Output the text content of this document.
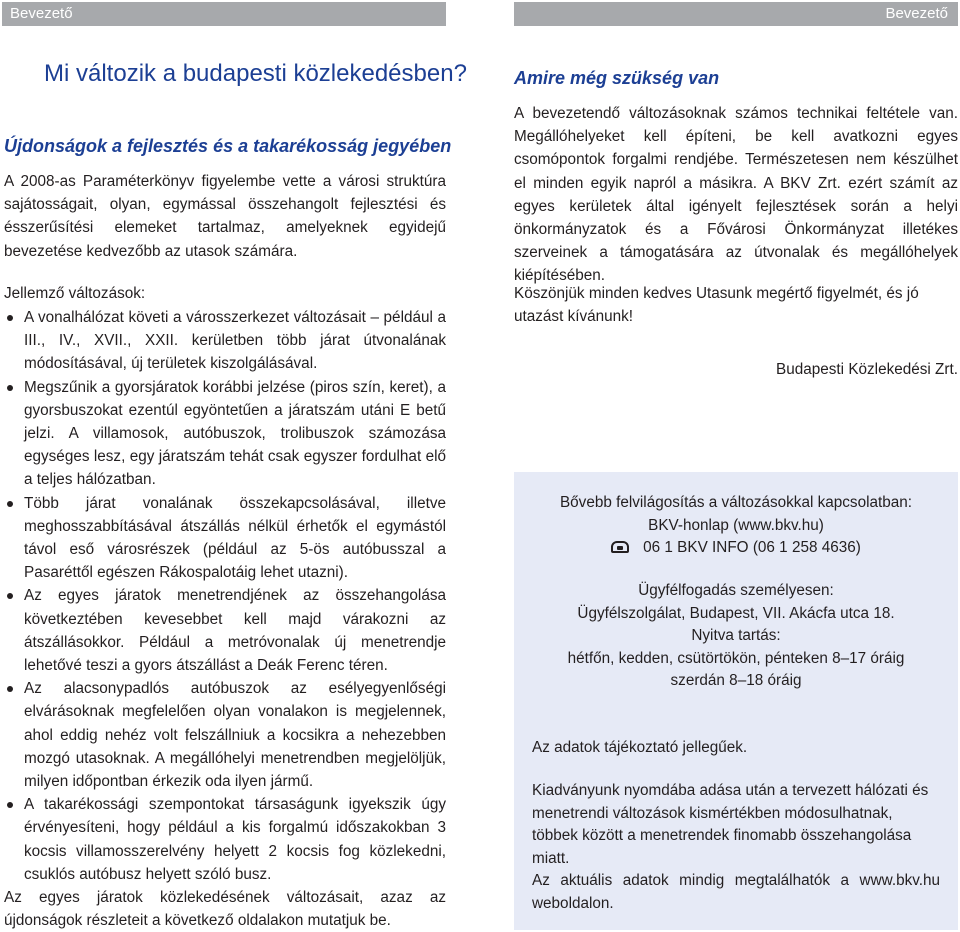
Bevezető	Bevezető
Mi változik a budapesti közlekedésben?
Újdonságok a fejlesztés és a takarékosság jegyében

A 2008-as Paraméterkönyv figyelembe vette a városi struktúra sajátosságait, olyan, egymással összehangolt fejlesztési és ésszerűsítési elemeket tartalmaz, amelyeknek egyidejű bevezetése kedvezőbb az utasok számára.

Jellemző változások:

A vonalhálózat követi a városszerkezet változásait – például a III., IV., XVII., XXII. kerületben több járat útvonalának módosításával, új területek kiszolgálásával.
Megszűnik a gyorsjáratok korábbi jelzése (piros szín, keret), a gyorsbuszokat ezentúl egyöntetűen a járatszám utáni E betű jelzi. A villamosok, autóbuszok, trolibuszok számozása egységes lesz, egy járatszám tehát csak egyszer fordulhat elő a teljes hálózatban.
Több járat vonalának összekapcsolásával, illetve meghosszabbításával átszállás nélkül érhetők el egymástól távol eső városrészek (például az 5-ös autóbusszal a Pasaréttől egészen Rákospalotáig lehet utazni).
Az egyes járatok menetrendjének az összehangolása következtében kevesebbet kell majd várakozni az átszállásokkor. Például a metróvonalak új menetrendje lehetővé teszi a gyors átszállást a Deák Ferenc téren.
Az alacsonypadlós autóbuszok az esélyegyenlőségi elvárásoknak megfelelően olyan vonalakon is megjelennek, ahol eddig nehéz volt felszállniuk a kocsikra a nehezebben mozgó utasoknak. A megállóhelyi menetrendben megjelöljük, milyen időpontban érkezik oda ilyen jármű.
A takarékossági szempontokat társaságunk igyekszik úgy érvényesíteni, hogy például a kis forgalmú időszakokban 3 kocsis villamosszerelvény helyett 2 kocsis fog közlekedni, csuklós autóbusz helyett szóló busz.

Az egyes járatok közlekedésének változásait, azaz az újdonságok részleteit a következő oldalakon mutatjuk be.

Amire még szükség van

A bevezetendő változásoknak számos technikai feltétele van. Megállóhelyeket kell építeni, be kell avatkozni egyes csomópontok forgalmi rendjébe. Természetesen nem készülhet el minden egyik napról a másikra. A BKV Zrt. ezért számít az egyes kerületek által igényelt fejlesztések során a helyi önkormányzatok és a Fővárosi Önkormányzat illetékes szerveinek a támogatására az útvonalak és megállóhelyek kiépítésében.

Köszönjük minden kedves Utasunk megértő figyelmét, és jó utazást kívánunk!

Budapesti Közlekedési Zrt.

Bővebb felvilágosítás a változásokkal kapcsolatban:

BKV-honlap (www.bkv.hu)

06 1 BKV INFO (06 1 258 4636)

Ügyfélfogadás személyesen:

Ügyfélszolgálat, Budapest, VII. Akácfa utca 18.

Nyitva tartás:

hétfőn, kedden, csütörtökön, pénteken 8–17 óráig

szerdán 8–18 óráig

Az adatok tájékoztató jellegűek.

Kiadványunk nyomdába adása után a tervezett hálózati és menetrendi változások kismértékben módosulhatnak, többek között a menetrendek finomabb összehangolása miatt.

Az aktuális adatok mindig megtalálhatók a www.bkv.hu weboldalon.
